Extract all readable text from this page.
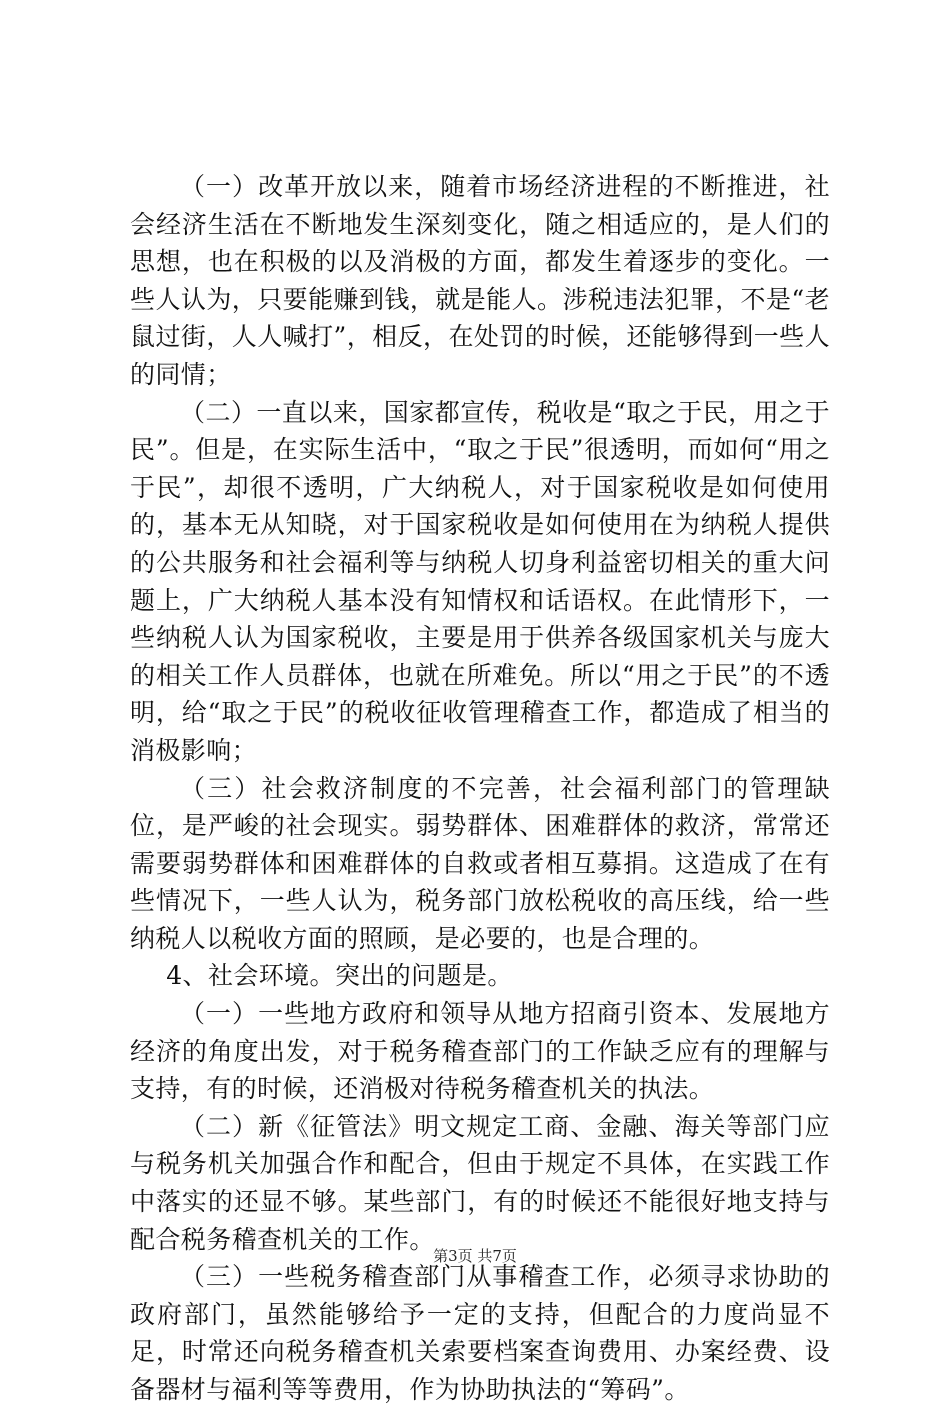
（一）改革开放以来，随着市场经济进程的不断推进，社会经济生活在不断地发生深刻变化，随之相适应的，是人们的思想，也在积极的以及消极的方面，都发生着逐步的变化。一些人认为，只要能赚到钱，就是能人。涉税违法犯罪，不是“老鼠过街，人人喊打”，相反，在处罚的时候，还能够得到一些人的同情；

（二）一直以来，国家都宣传，税收是“取之于民，用之于民”。但是，在实际生活中，“取之于民”很透明，而如何“用之于民”，却很不透明，广大纳税人，对于国家税收是如何使用的，基本无从知晓，对于国家税收是如何使用在为纳税人提供的公共服务和社会福利等与纳税人切身利益密切相关的重大问题上，广大纳税人基本没有知情权和话语权。在此情形下，一些纳税人认为国家税收，主要是用于供养各级国家机关与庞大的相关工作人员群体，也就在所难免。所以“用之于民”的不透明，给“取之于民”的税收征收管理稽查工作，都造成了相当的消极影响；

（三）社会救济制度的不完善，社会福利部门的管理缺位，是严峻的社会现实。弱势群体、困难群体的救济，常常还需要弱势群体和困难群体的自救或者相互募捐。这造成了在有些情况下，一些人认为，税务部门放松税收的高压线，给一些纳税人以税收方面的照顾，是必要的，也是合理的。

4、社会环境。突出的问题是。

（一）一些地方政府和领导从地方招商引资本、发展地方经济的角度出发，对于税务稽查部门的工作缺乏应有的理解与支持，有的时候，还消极对待税务稽查机关的执法。

（二）新《征管法》明文规定工商、金融、海关等部门应与税务机关加强合作和配合，但由于规定不具体，在实践工作中落实的还显不够。某些部门，有的时候还不能很好地支持与配合税务稽查机关的工作。

（三）一些税务稽查部门从事稽查工作，必须寻求协助的政府部门，虽然能够给予一定的支持，但配合的力度尚显不足，时常还向税务稽查机关索要档案查询费用、办案经费、设备器材与福利等等费用，作为协助执法的“筹码”。

第3页 共7页
